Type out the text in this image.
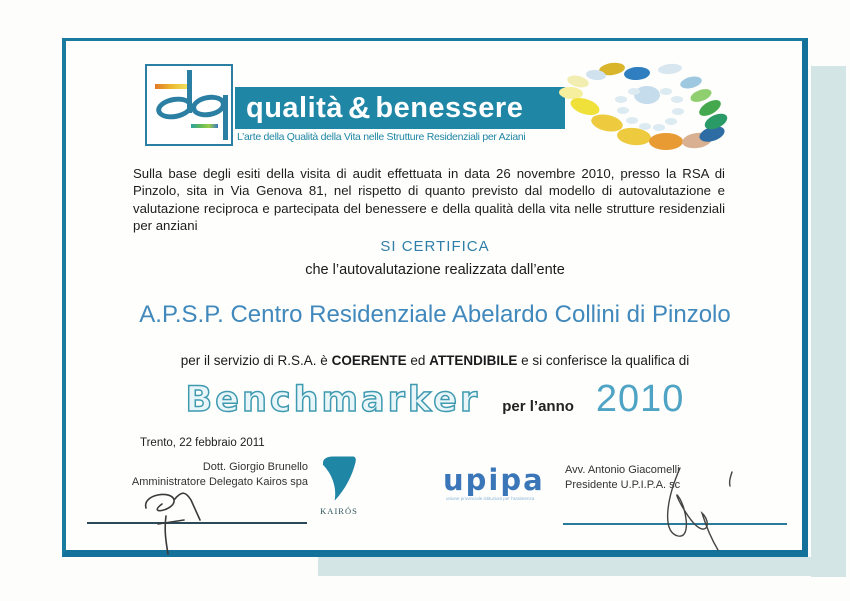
qualità & benessere
L’arte della Qualità della Vita nelle Strutture Residenziali per Aziani
Sulla base degli esiti della visita di audit effettuata in data 26 novembre 2010, presso la RSA di Pinzolo, sita in Via Genova 81, nel rispetto di quanto previsto dal modello di autovalutazione e valutazione reciproca e partecipata del benessere e della qualità della vita nelle strutture residenziali per anziani
SI CERTIFICA
che l’autovalutazione realizzata dall’ente
A.P.S.P. Centro Residenziale Abelardo Collini di Pinzolo
per il servizio di R.S.A. è COERENTE ed ATTENDIBILE e si conferisce la qualifica di
Benchmarker per l’anno 2010
Trento, 22 febbraio 2011
Dott. Giorgio Brunello
Amministratore Delegato Kairos spa
KAIRÓS
upipa
unione provinciale istituzioni per l’assistenza
Avv. Antonio Giacomelli
Presidente U.P.I.P.A. sc
